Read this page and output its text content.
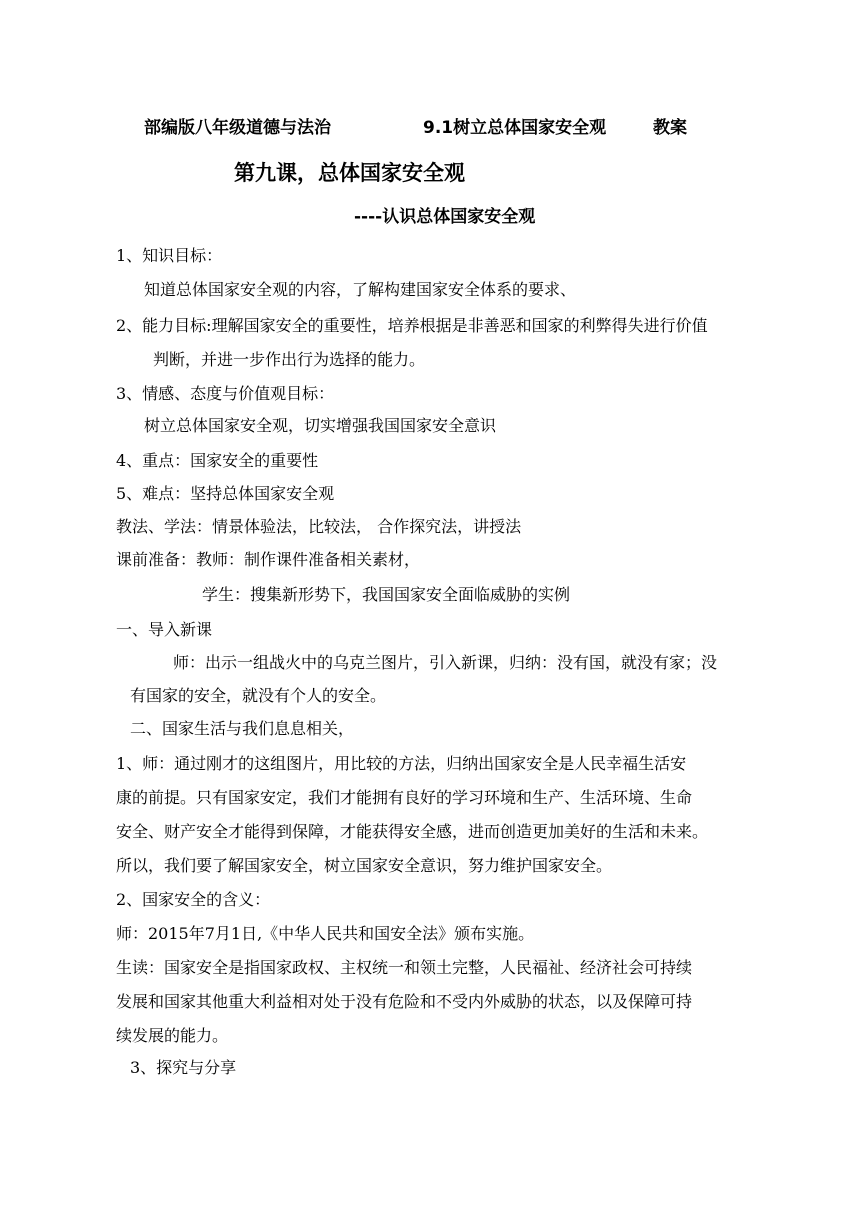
部编版八年级道德与法治	9.1树立总体国家安全观	教案
第九课，总体国家安全观
----认识总体国家安全观
1、知识目标：
知道总体国家安全观的内容，了解构建国家安全体系的要求、
2、能力目标:理解国家安全的重要性，培养根据是非善恶和国家的利弊得失进行价值
判断，并进一步作出行为选择的能力。
3、情感、态度与价值观目标：
树立总体国家安全观，切实增强我国国家安全意识
4、重点：国家安全的重要性
5、难点：坚持总体国家安全观
教法、学法：情景体验法，比较法， 合作探究法，讲授法
课前准备：教师：制作课件准备相关素材，
学生：搜集新形势下，我国国家安全面临威胁的实例
一、导入新课
师：出示一组战火中的乌克兰图片，引入新课，归纳：没有国，就没有家；没
有国家的安全，就没有个人的安全。
二、国家生活与我们息息相关，
1、师：通过刚才的这组图片，用比较的方法，归纳出国家安全是人民幸福生活安
康的前提。只有国家安定，我们才能拥有良好的学习环境和生产、生活环境、生命
安全、财产安全才能得到保障，才能获得安全感，进而创造更加美好的生活和未来。
所以，我们要了解国家安全，树立国家安全意识，努力维护国家安全。
2、国家安全的含义：
师：2015年7月1日,《中华人民共和国安全法》颁布实施。
生读：国家安全是指国家政权、主权统一和领土完整，人民福祉、经济社会可持续
发展和国家其他重大利益相对处于没有危险和不受内外威胁的状态，以及保障可持
续发展的能力。
3、探究与分享
